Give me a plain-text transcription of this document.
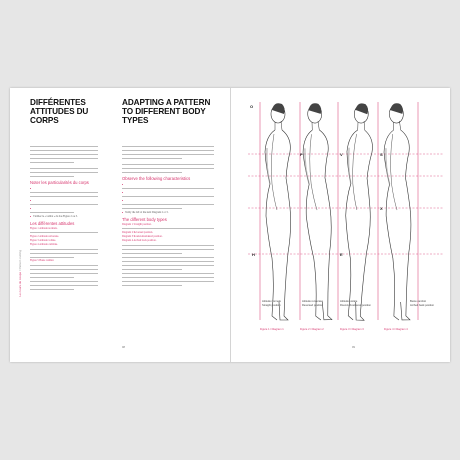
Le cours de coupe / Pattern cutting
DIFFÉRENTES ATTITUDES DU CORPS
ADAPTING A PATTERN TO DIFFERENT BODY TYPES

Noter les particularités du corps
Vérifiez le « tombé » du bas Figure 2 ou 3.
Les différentes attitudes
Figure 1 Attitude normale.
Figure 2 Attitude renversée.
Figure 3 Attitude voûtée.
Figure 4 Attitude cambrée.
Figure 5 Buste cambré.

Observe the following characteristics
Verify the fall of the skirt Diagram 2 or 3.
The different body types
Diagram 1 Straight position.
Diagram 2 Reversed position.
Diagram 3 Round-shouldered position.
Diagram 4 Arched back position.
98	99
O
P	V	S
H
X
E
Attitude normale
Straight position
Attitude renversée
Reversed position
Attitude voûtée
Round-shouldered position
Buste cambré
Arched back position
Figure 1 / Diagram 1	Figure 2 / Diagram 2	Figure 3 / Diagram 3	Figure 4 / Diagram 4
